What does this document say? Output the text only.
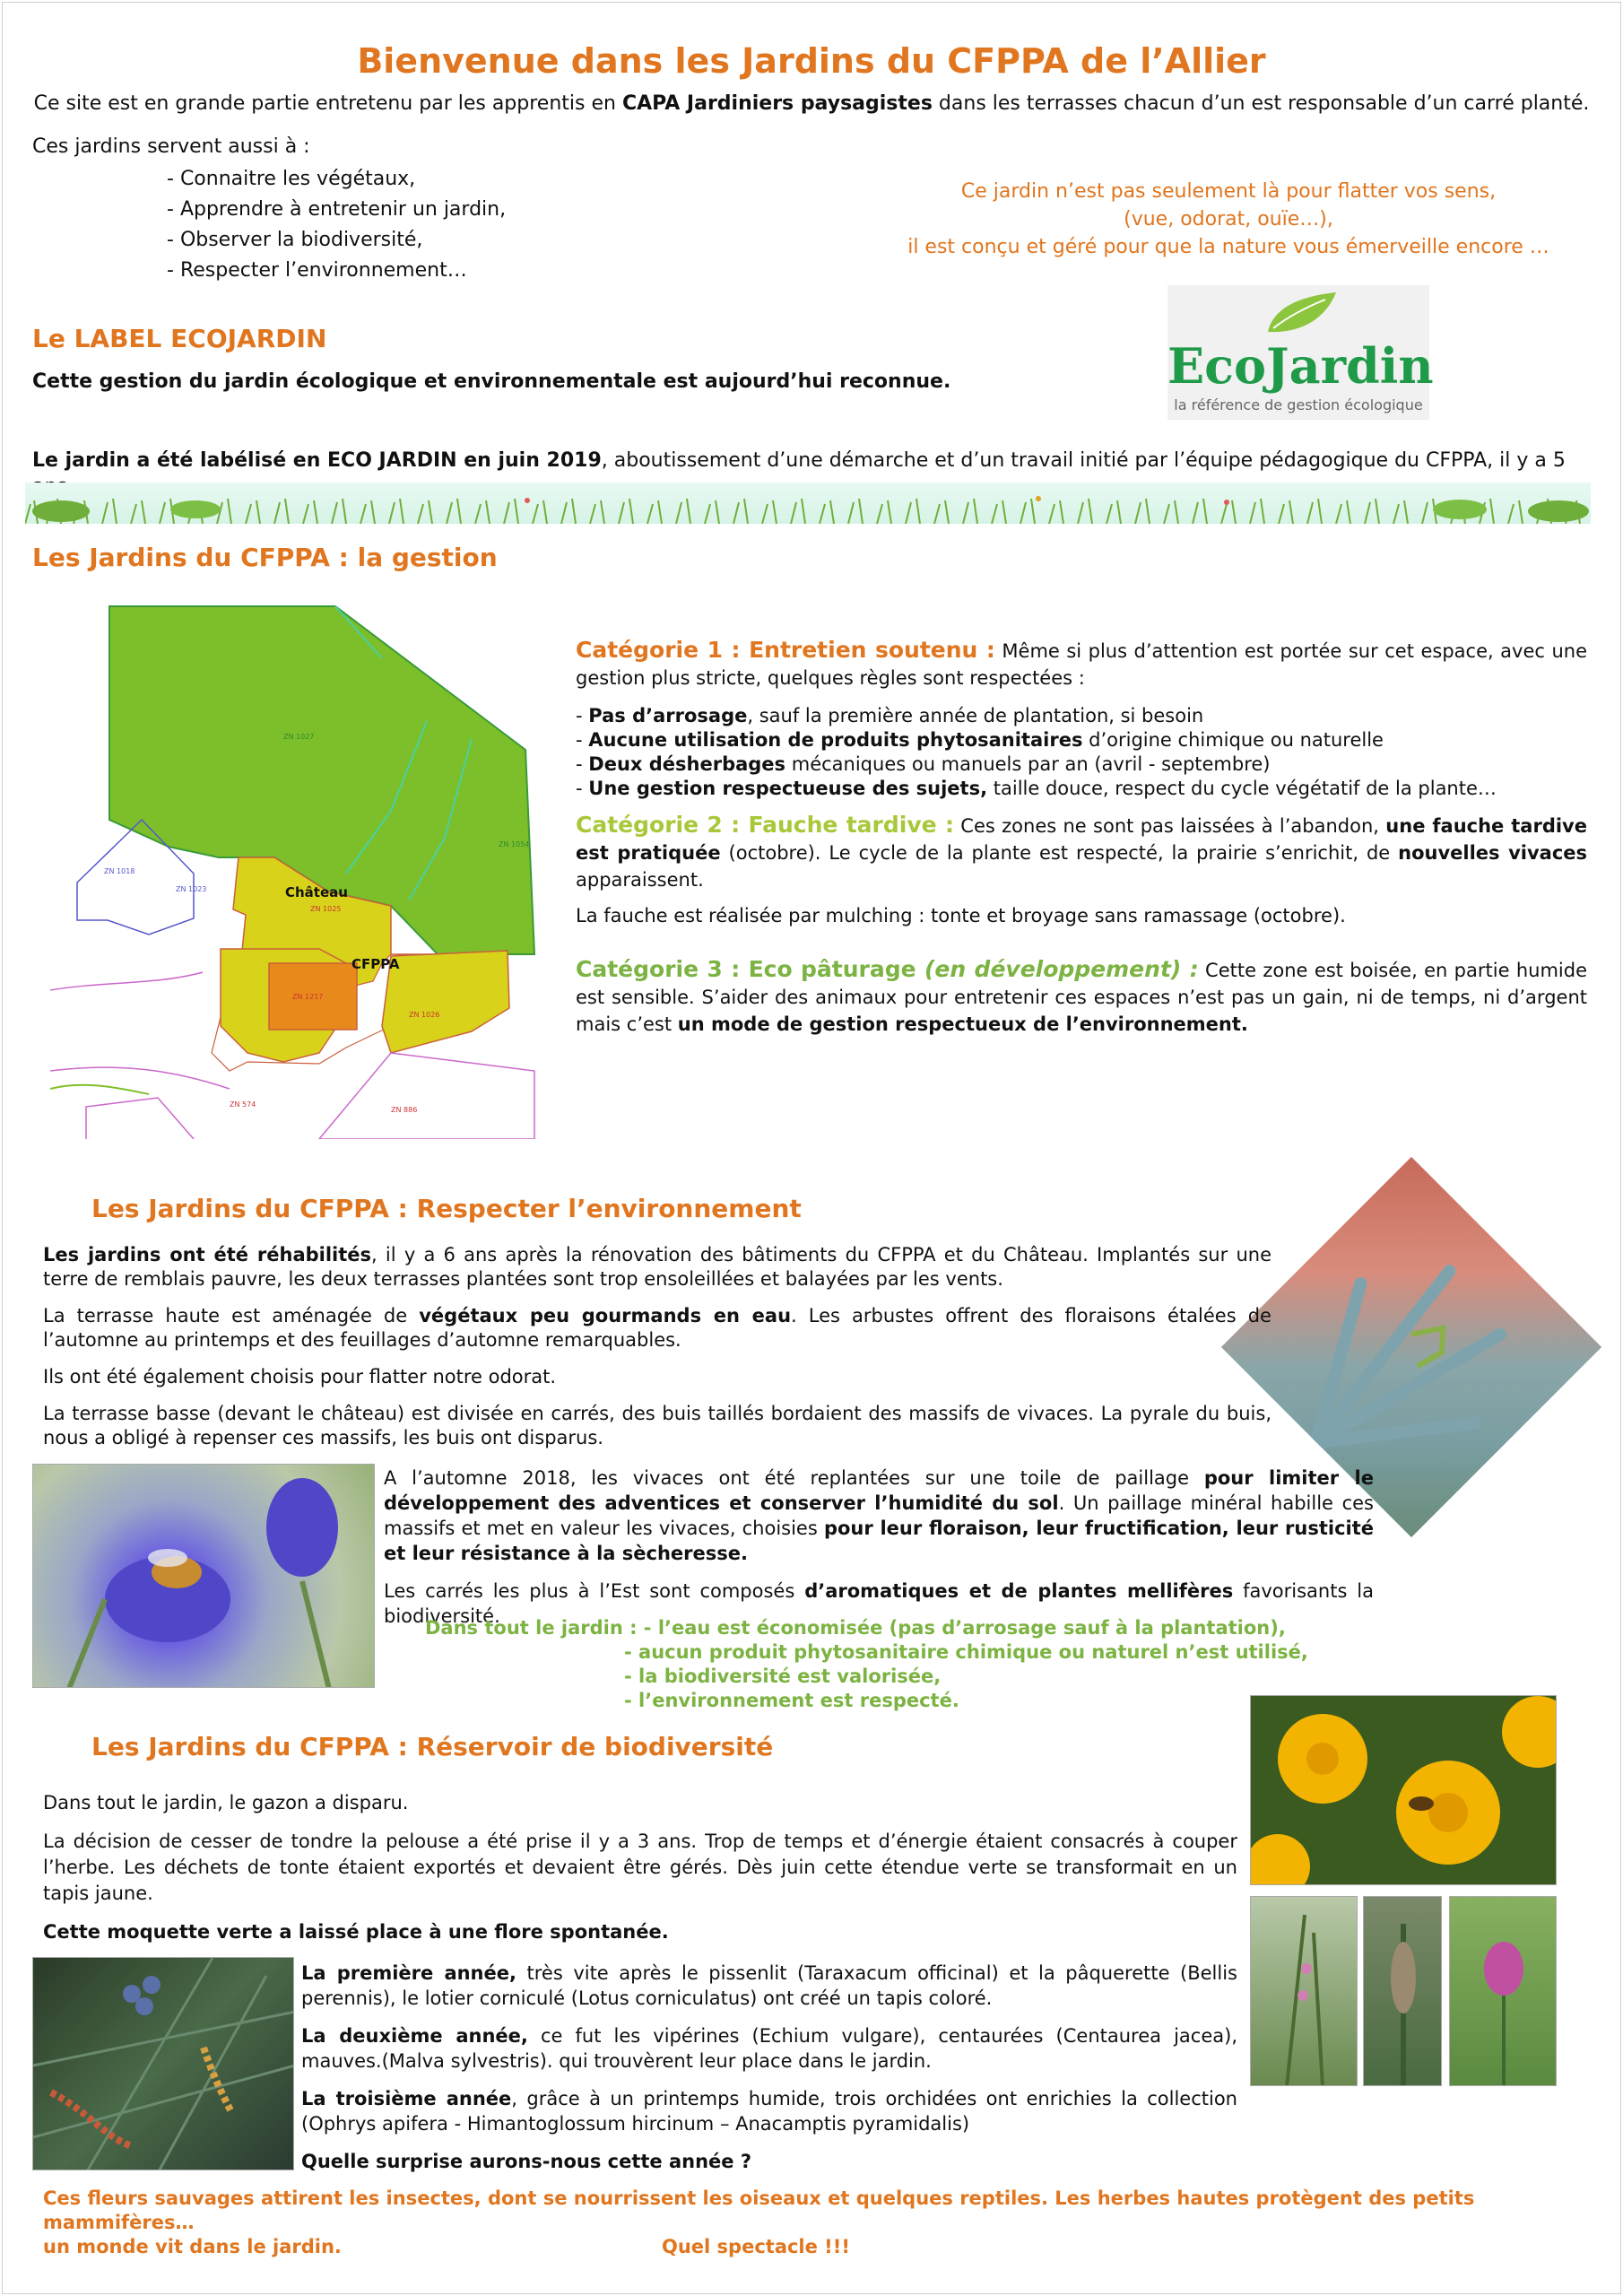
Bienvenue dans les Jardins du CFPPA de l’Allier

Ce site est en grande partie entretenu par les apprentis en CAPA Jardiniers paysagistes dans les terrasses chacun d’un est responsable d’un carré planté.

Ces jardins servent aussi à :

- Connaitre les végétaux,
- Apprendre à entretenir un jardin,
- Observer la biodiversité,
- Respecter l’environnement…

Ce jardin n’est pas seulement là pour flatter vos sens,

(vue, odorat, ouïe…),

il est conçu et géré pour que la nature vous émerveille encore …

Le LABEL ECOJARDIN

Cette gestion du jardin écologique et environnementale est aujourd’hui reconnue.	EcoJardin
la référence de gestion écologique

Le jardin a été labélisé en ECO JARDIN en juin 2019, aboutissement d’une démarche et d’un travail initié par l’équipe pédagogique du CFPPA, il y a 5

Les Jardins du CFPPA : la gestion
ZN 1025
ZN 1217
ZN 1026
ZN 574
ZN 886
ZN 1027
ZN 1054
ZN 1018
ZN 1023	Château
CFPPA

Catégorie 1 : Entretien soutenu : Même si plus d’attention est portée sur cet espace, avec une gestion plus stricte, quelques règles sont respectées :

- Pas d’arrosage, sauf la première année de plantation, si besoin
- Aucune utilisation de produits phytosanitaires d’origine chimique ou naturelle
- Deux désherbages mécaniques ou manuels par an (avril - septembre)
- Une gestion respectueuse des sujets, taille douce, respect du cycle végétatif de la plante…

Catégorie 2 : Fauche tardive : Ces zones ne sont pas laissées à l’abandon, une fauche tardive est pratiquée (octobre). Le cycle de la plante est respecté, la prairie s’enrichit, de nouvelles vivaces apparaissent.

La fauche est réalisée par mulching : tonte et broyage sans ramassage (octobre).

Catégorie 3 : Eco pâturage (en développement) : Cette zone est boisée, en partie humide est sensible. S’aider des animaux pour entretenir ces espaces n’est pas un gain, ni de temps, ni d’argent mais c’est un mode de gestion respectueux de l’environnement.

Les Jardins du CFPPA : Respecter l’environnement

Les jardins ont été réhabilités, il y a 6 ans après la rénovation des bâtiments du CFPPA et du Château. Implantés sur une terre de remblais pauvre, les deux terrasses plantées sont trop ensoleillées et balayées par les vents.

La terrasse haute est aménagée de végétaux peu gourmands en eau. Les arbustes offrent des floraisons étalées de l’automne au printemps et des feuillages d’automne remarquables.

Ils ont été également choisis pour flatter notre odorat.

La terrasse basse (devant le château) est divisée en carrés, des buis taillés bordaient des massifs de vivaces. La pyrale du buis, nous a obligé à repenser ces massifs, les buis ont disparus.

A l’automne 2018, les vivaces ont été replantées sur une toile de paillage pour limiter le développement des adventices et conserver l’humidité du sol. Un paillage minéral habille ces massifs et met en valeur les vivaces, choisies pour leur floraison, leur fructification, leur rusticité et leur résistance à la sècheresse.

Les carrés les plus à l’Est sont composés d’aromatiques et de plantes mellifères favorisants la biodiversité.

Dans tout le jardin : - l’eau est économisée (pas d’arrosage sauf à la plantation),

- aucun produit phytosanitaire chimique ou naturel n’est utilisé,

- la biodiversité est valorisée,

- l’environnement est respecté.

Les Jardins du CFPPA : Réservoir de biodiversité

Dans tout le jardin, le gazon a disparu.

La décision de cesser de tondre la pelouse a été prise il y a 3 ans. Trop de temps et d’énergie étaient consacrés à couper l’herbe. Les déchets de tonte étaient exportés et devaient être gérés. Dès juin cette étendue verte se transformait en un tapis jaune.

Cette moquette verte a laissé place à une flore spontanée.

La première année, très vite après le pissenlit (Taraxacum officinal) et la pâquerette (Bellis perennis), le lotier corniculé (Lotus corniculatus) ont créé un tapis coloré.

La deuxième année, ce fut les vipérines (Echium vulgare), centaurées (Centaurea jacea), mauves.(Malva sylvestris). qui trouvèrent leur place dans le jardin.

La troisième année, grâce à un printemps humide, trois orchidées ont enrichies la collection (Ophrys apifera - Himantoglossum hircinum – Anacamptis pyramidalis)

Quelle surprise aurons-nous cette année ?

Ces fleurs sauvages attirent les insectes, dont se nourrissent les oiseaux et quelques reptiles. Les herbes hautes protègent des petits mammifères…

un monde vit dans le jardin.	Quel spectacle !!!
